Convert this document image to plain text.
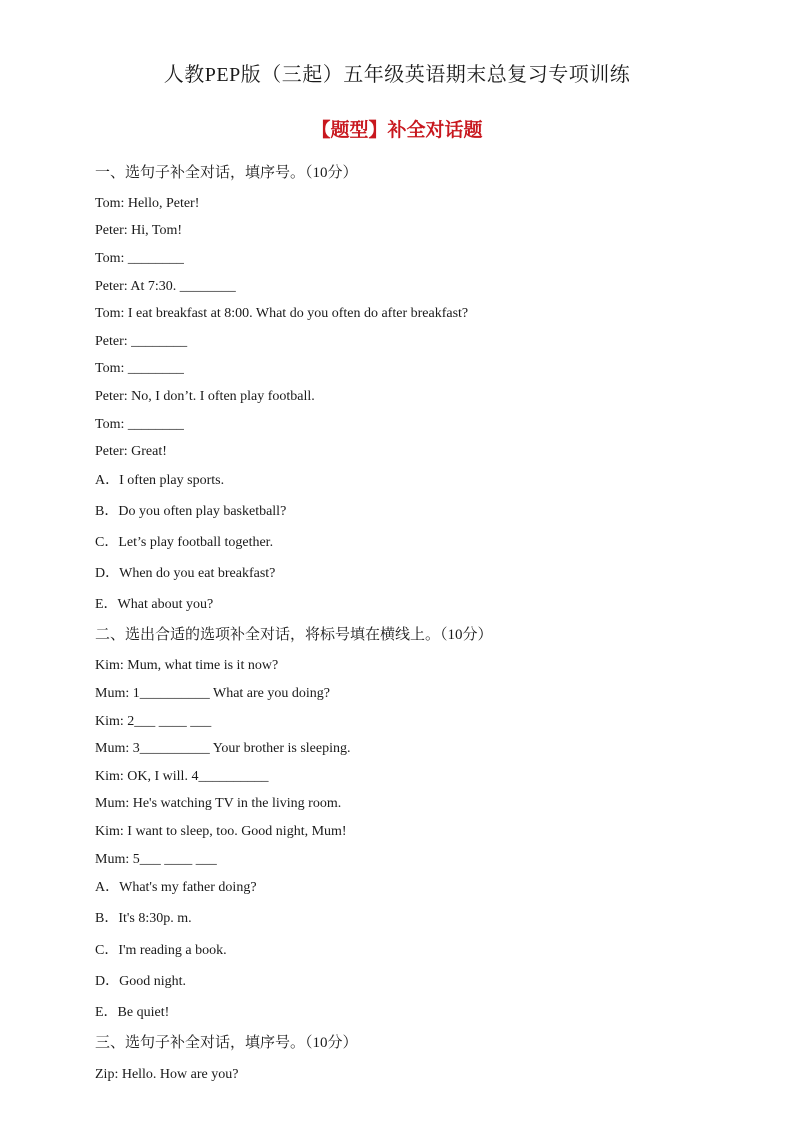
人教PEP版（三起）五年级英语期末总复习专项训练
【题型】补全对话题
一、选句子补全对话，填序号。（10分）
Tom: Hello, Peter!
Peter: Hi, Tom!
Tom: ________
Peter: At 7:30. ________
Tom: I eat breakfast at 8:00. What do you often do after breakfast?
Peter: ________
Tom: ________
Peter: No, I don’t. I often play football.
Tom: ________
Peter: Great!
A．I often play sports.
B．Do you often play basketball?
C．Let’s play football together.
D．When do you eat breakfast?
E．What about you?
二、选出合适的选项补全对话，将标号填在横线上。（10分）
Kim: Mum, what time is it now?
Mum: 1__________ What are you doing?
Kim: 2___ ____ ___
Mum: 3__________ Your brother is sleeping.
Kim: OK, I will. 4__________
Mum: He's watching TV in the living room.
Kim: I want to sleep, too. Good night, Mum!
Mum: 5___ ____ ___
A．What's my father doing?
B．It's 8:30p. m.
C．I'm reading a book.
D．Good night.
E．Be quiet!
三、选句子补全对话，填序号。（10分）
Zip: Hello. How are you?
